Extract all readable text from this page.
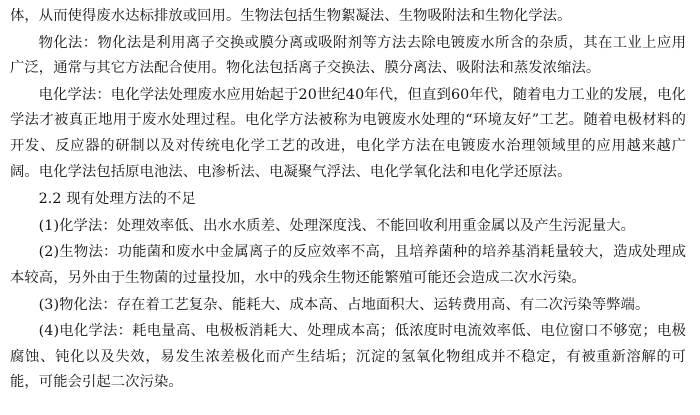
体，从而使得废水达标排放或回用。生物法包括生物絮凝法、生物吸附法和生物化学法。

物化法：物化法是利用离子交换或膜分离或吸附剂等方法去除电镀废水所含的杂质，其在工业上应用广泛，通常与其它方法配合使用。物化法包括离子交换法、膜分离法、吸附法和蒸发浓缩法。

电化学法：电化学法处理废水应用始起于20世纪40年代，但直到60年代，随着电力工业的发展，电化学法才被真正地用于废水处理过程。电化学方法被称为电镀废水处理的“环境友好”工艺。随着电极材料的开发、反应器的研制以及对传统电化学工艺的改进，电化学方法在电镀废水治理领域里的应用越来越广阔。电化学法包括原电池法、电渗析法、电凝聚气浮法、电化学氧化法和电化学还原法。

2.2 现有处理方法的不足

(1)化学法：处理效率低、出水水质差、处理深度浅、不能回收利用重金属以及产生污泥量大。

(2)生物法：功能菌和废水中金属离子的反应效率不高，且培养菌种的培养基消耗量较大，造成处理成本较高，另外由于生物菌的过量投加，水中的残余生物还能繁殖可能还会造成二次水污染。

(3)物化法：存在着工艺复杂、能耗大、成本高、占地面积大、运转费用高、有二次污染等弊端。

(4)电化学法：耗电量高、电极板消耗大、处理成本高；低浓度时电流效率低、电位窗口不够宽；电极腐蚀、钝化以及失效，易发生浓差极化而产生结垢；沉淀的氢氧化物组成并不稳定，有被重新溶解的可能，可能会引起二次污染。
